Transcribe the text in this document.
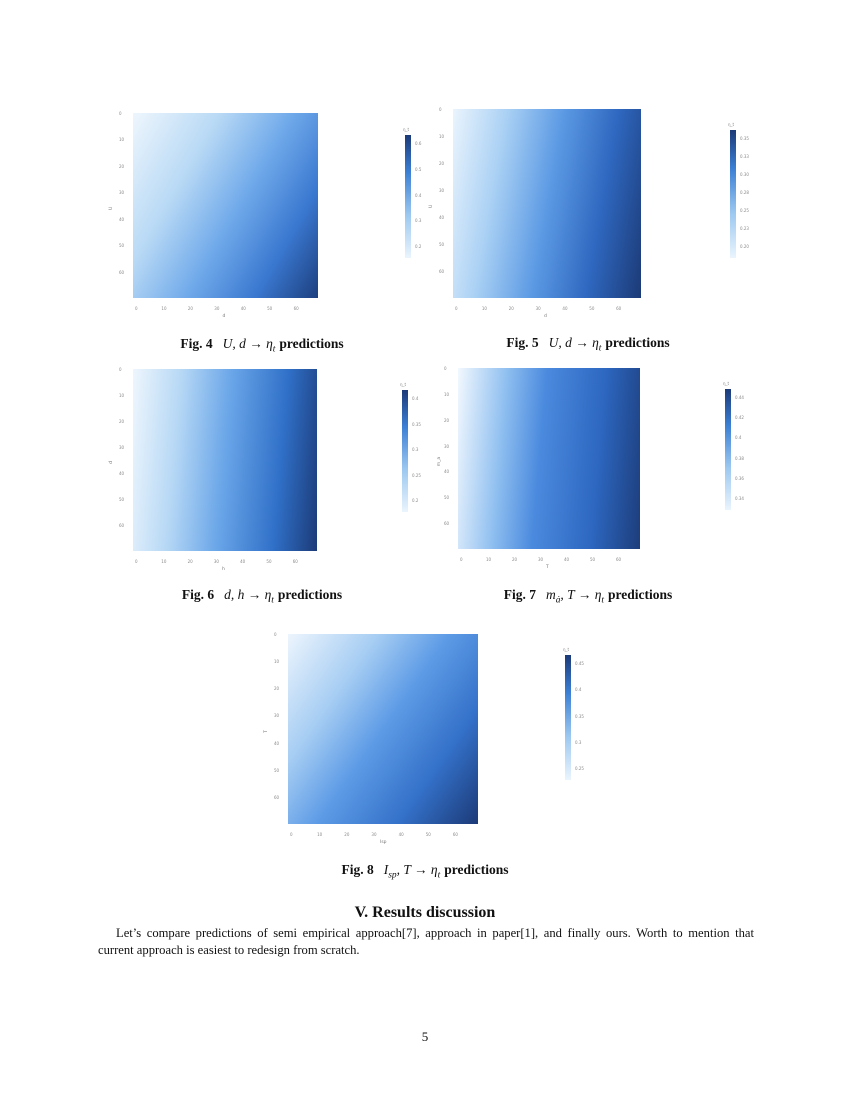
0	10	20	30	40	50	60
0
10
20
30
40
50
60
d
U
η_t
0.6
0.5
0.4
0.3
0.2
Fig. 4 U, $d \to \eta_t$ predictions
0	10	20	30	40	50	60
0
10
20
30
40
50
60
d
U
η_t
0.35
0.33
0.30
0.28
0.25
0.23
0.20
Fig. 5 U, $d \to \eta_t$ predictions
0	10	20	30	40	50	60
0
10
20
30
40
50
60
h
d
η_t
0.4
0.35
0.3
0.25
0.2
Fig. 6 d, $h \to \eta_t$ predictions
0	10	20	30	40	50	60
0
10
20
30
40
50
60
T
m_a
η_t
0.44
0.42
0.4
0.38
0.36
0.34
Fig. 7 $m_ȧ$, $T \to \eta_t$ predictions
0	10	20	30	40	50	60
0
10
20
30
40
50
60
Isp
T
η_t
0.45
0.4
0.35
0.3
0.25
Fig. 8 $I_{sp}$, $T \to \eta_t$ predictions
V. Results discussion
Let’s compare predictions of semi empirical approach[7], approach in paper[1], and finally ours. Worth to mention that current approach is easiest to redesign from scratch.
5
